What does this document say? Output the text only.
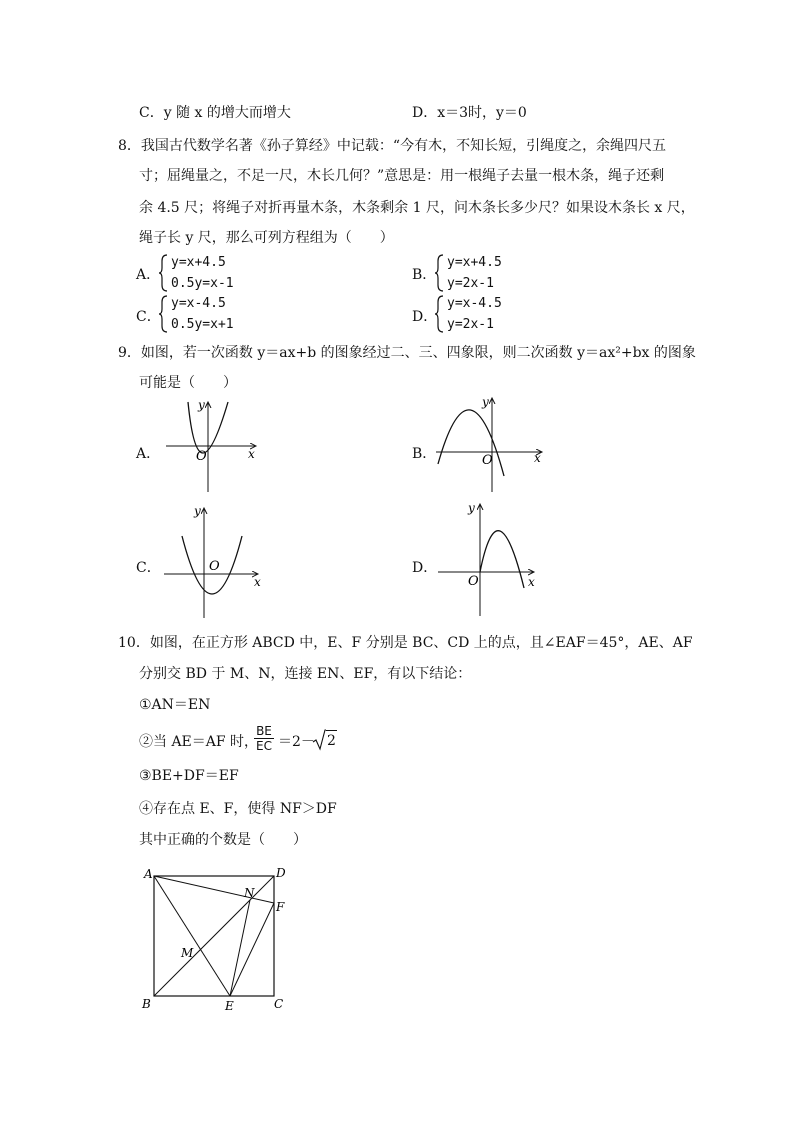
C．y 随 x 的增大而增大	D．x＝3时，y＝0
8．我国古代数学名著《孙子算经》中记载：“今有木，不知长短，引绳度之，余绳四尺五
寸；屈绳量之，不足一尺，木长几何？”意思是：用一根绳子去量一根木条，绳子还剩
余 4.5 尺；将绳子对折再量木条，木条剩余 1 尺，问木条长多少尺？如果设木条长 x 尺，
绳子长 y 尺，那么可列方程组为（　　）
A．
y=x+4.5
0.5y=x-1
B．
y=x+4.5
y=2x-1
C．
y=x-4.5
0.5y=x+1	D．
y=x-4.5
y=2x-1
9．如图，若一次函数 y＝ax+b 的图象经过二、三、四象限，则二次函数 y＝ax²+bx 的图象
可能是（　　）
A．
y
x
O	B．
y
x
O
C．
y
x
O	D．
y
x
O
10．如图，在正方形 ABCD 中，E、F 分别是 BC、CD 上的点，且∠EAF＝45°，AE、AF
分别交 BD 于 M、N，连接 EN、EF，有以下结论：
①AN＝EN
②当 AE＝AF 时，
$\frac{BE}{EC} =2- 2$
③BE+DF＝EF
④存在点 E、F，使得 NF＞DF
其中正确的个数是（　　）
A	D
B	C
E
F
M
N
